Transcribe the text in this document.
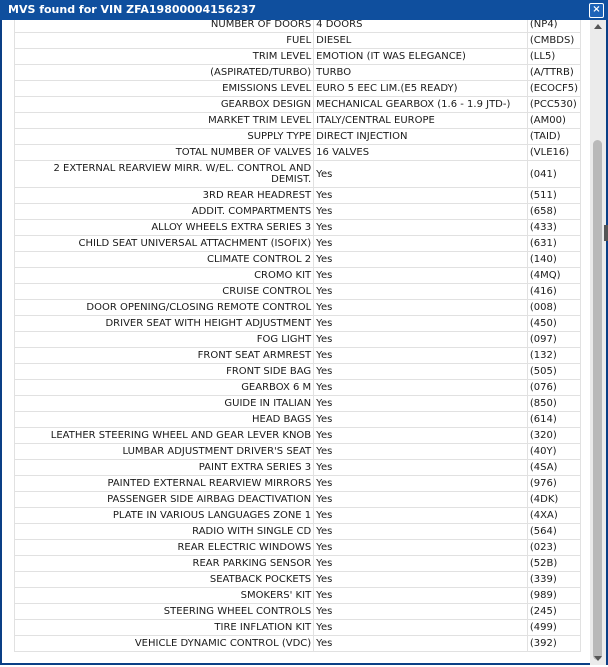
MVS found for VIN ZFA19800004156237	×
NUMBER OF DOORS	4 DOORS	(NP4)
FUEL	DIESEL	(CMBDS)
TRIM LEVEL	EMOTION (IT WAS ELEGANCE)	(LL5)
(ASPIRATED/TURBO)	TURBO	(A/TTRB)
EMISSIONS LEVEL	EURO 5 EEC LIM.(E5 READY)	(ECOCF5)
GEARBOX DESIGN	MECHANICAL GEARBOX (1.6 - 1.9 JTD-)	(PCC530)
MARKET TRIM LEVEL	ITALY/CENTRAL EUROPE	(AM00)
SUPPLY TYPE	DIRECT INJECTION	(TAID)
TOTAL NUMBER OF VALVES	16 VALVES	(VLE16)
2 EXTERNAL REARVIEW MIRR. W/EL. CONTROL AND DEMIST.	Yes	(041)
3RD REAR HEADREST	Yes	(511)
ADDIT. COMPARTMENTS	Yes	(658)
ALLOY WHEELS EXTRA SERIES 3	Yes	(433)
CHILD SEAT UNIVERSAL ATTACHMENT (ISOFIX)	Yes	(631)
CLIMATE CONTROL 2	Yes	(140)
CROMO KIT	Yes	(4MQ)
CRUISE CONTROL	Yes	(416)
DOOR OPENING/CLOSING REMOTE CONTROL	Yes	(008)
DRIVER SEAT WITH HEIGHT ADJUSTMENT	Yes	(450)
FOG LIGHT	Yes	(097)
FRONT SEAT ARMREST	Yes	(132)
FRONT SIDE BAG	Yes	(505)
GEARBOX 6 M	Yes	(076)
GUIDE IN ITALIAN	Yes	(850)
HEAD BAGS	Yes	(614)
LEATHER STEERING WHEEL AND GEAR LEVER KNOB	Yes	(320)
LUMBAR ADJUSTMENT DRIVER'S SEAT	Yes	(40Y)
PAINT EXTRA SERIES 3	Yes	(4SA)
PAINTED EXTERNAL REARVIEW MIRRORS	Yes	(976)
PASSENGER SIDE AIRBAG DEACTIVATION	Yes	(4DK)
PLATE IN VARIOUS LANGUAGES ZONE 1	Yes	(4XA)
RADIO WITH SINGLE CD	Yes	(564)
REAR ELECTRIC WINDOWS	Yes	(023)
REAR PARKING SENSOR	Yes	(52B)
SEATBACK POCKETS	Yes	(339)
SMOKERS' KIT	Yes	(989)
STEERING WHEEL CONTROLS	Yes	(245)
TIRE INFLATION KIT	Yes	(499)
VEHICLE DYNAMIC CONTROL (VDC)	Yes	(392)
